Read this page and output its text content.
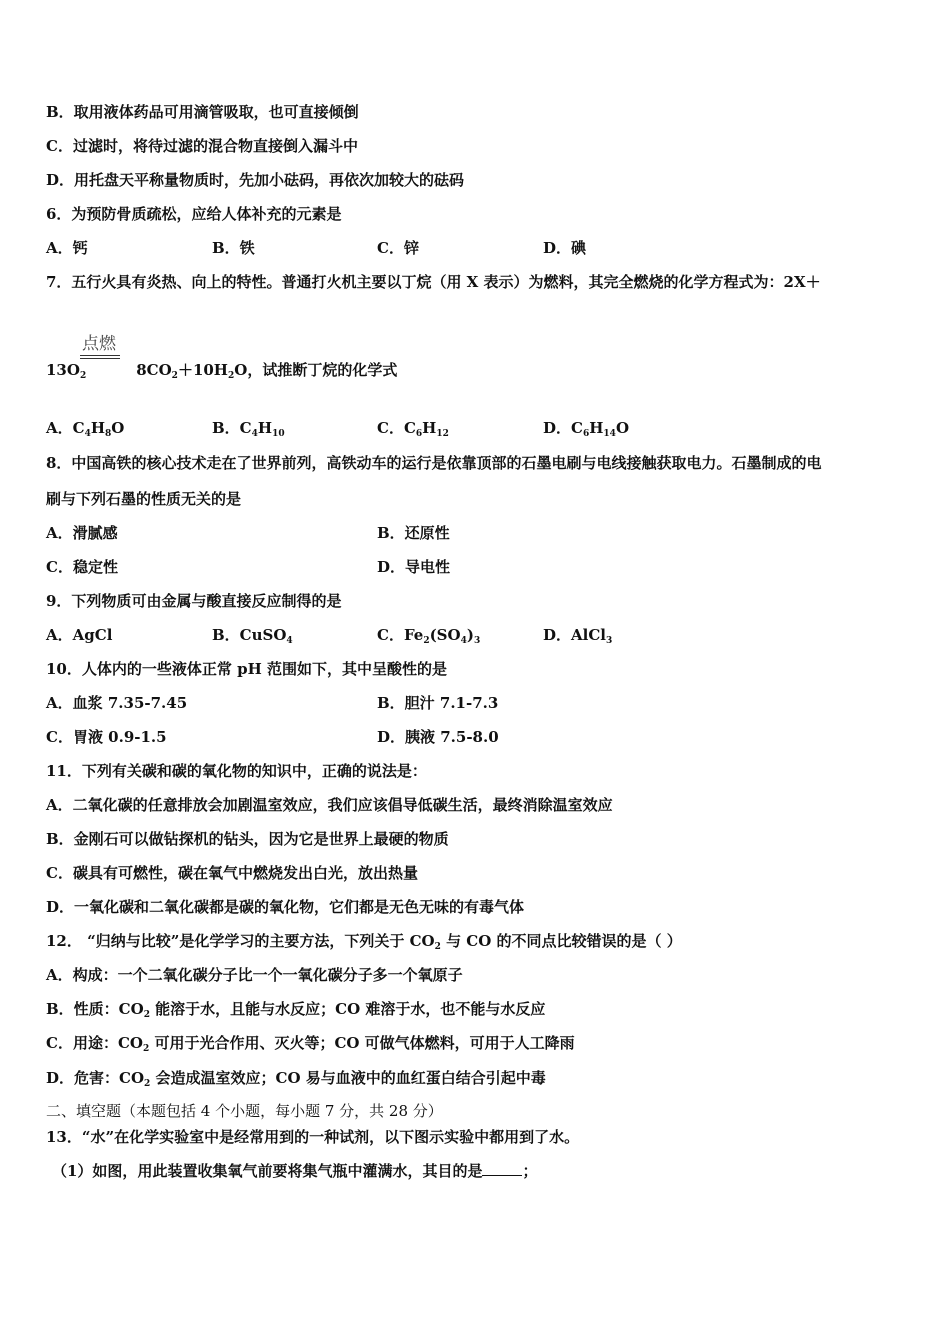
B．取用液体药品可用滴管吸取，也可直接倾倒
C．过滤时，将待过滤的混合物直接倒入漏斗中
D．用托盘天平称量物质时，先加小砝码，再依次加较大的砝码
6．为预防骨质疏松，应给人体补充的元素是
A．钙	B．铁	C．锌	D．碘
7．五行火具有炎热、向上的特性。普通打火机主要以丁烷（用 X 表示）为燃料，其完全燃烧的化学方程式为：2X＋
点燃
$13O_2$	$8CO_2+10H_2O$，试推断丁烷的化学式
A．$C_4H_8O$	B．$C_4H_{10}$	C．$C_6H_{12}$	D．$C_6H_{14}O$
8．中国高铁的核心技术走在了世界前列，高铁动车的运行是依靠顶部的石墨电刷与电线接触获取电力。石墨制成的电
刷与下列石墨的性质无关的是
A．滑腻感	B．还原性
C．稳定性	D．导电性
9．下列物质可由金属与酸直接反应制得的是
A．AgCl	B．CuSO$_4$	C．$Fe_2(SO_4)_3$	D．AlCl$_3$
10．人体内的一些液体正常 pH 范围如下，其中呈酸性的是
A．血浆 7.35-7.45	B．胆汁 7.1-7.3
C．胃液 0.9-1.5	D．胰液 7.5-8.0
11．下列有关碳和碳的氧化物的知识中，正确的说法是：
A．二氧化碳的任意排放会加剧温室效应，我们应该倡导低碳生活，最终消除温室效应
B．金刚石可以做钻探机的钻头，因为它是世界上最硬的物质
C．碳具有可燃性，碳在氧气中燃烧发出白光，放出热量
D．一氧化碳和二氧化碳都是碳的氧化物，它们都是无色无味的有毒气体
12． “归纳与比较”是化学学习的主要方法，下列关于 $CO_2$ 与 CO 的不同点比较错误的是（ ）
A．构成：一个二氧化碳分子比一个一氧化碳分子多一个氧原子
B．性质：$CO_2$ 能溶于水，且能与水反应；CO 难溶于水，也不能与水反应
C．用途：$CO_2$ 可用于光合作用、灭火等；CO 可做气体燃料，可用于人工降雨
D．危害：$CO_2$ 会造成温室效应；CO 易与血液中的血红蛋白结合引起中毒
二、填空题（本题包括 4 个小题，每小题 7 分，共 28 分）
13．“水”在化学实验室中是经常用到的一种试剂，以下图示实验中都用到了水。
（1）如图，用此装置收集氧气前要将集气瓶中灌满水，其目的是	；
